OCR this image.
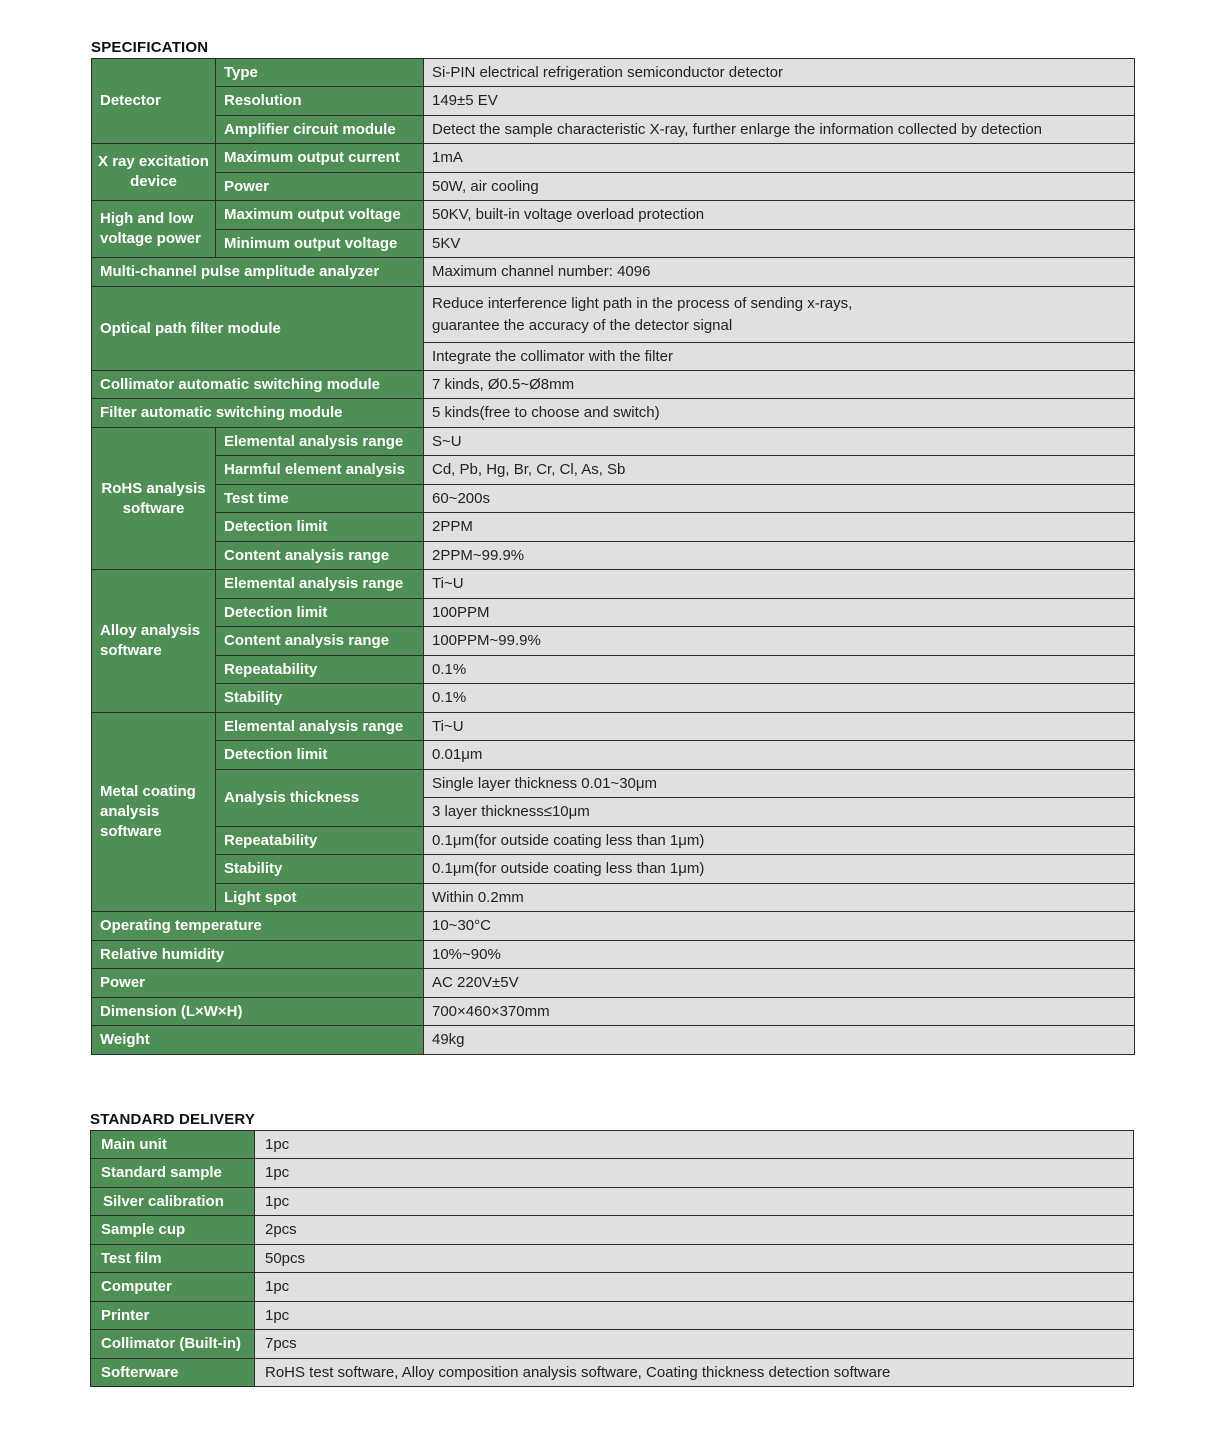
SPECIFICATION
Detector	Type	Si-PIN electrical refrigeration semiconductor detector
	Resolution	149±5 EV
	Amplifier circuit module	Detect the sample characteristic X-ray, further enlarge the information collected by detection
X ray excitation device	Maximum output current	1mA
	Power	50W, air cooling
High and low voltage power	Maximum output voltage	50KV, built-in voltage overload protection
	Minimum output voltage	5KV
Multi-channel pulse amplitude analyzer		Maximum channel number: 4096
Optical path filter module		Reduce interference light path in the process of sending x-rays,
guarantee the accuracy of the detector signal

		Integrate the collimator with the filter
Collimator automatic switching module		7 kinds, Ø0.5~Ø8mm
Filter automatic switching module		5 kinds(free to choose and switch)
RoHS analysis software	Elemental analysis range	S~U
	Harmful element analysis	Cd, Pb, Hg, Br, Cr, Cl, As, Sb
	Test time	60~200s
	Detection limit	2PPM
	Content analysis range	2PPM~99.9%
Alloy analysis software	Elemental analysis range	Ti~U
	Detection limit	100PPM
	Content analysis range	100PPM~99.9%
	Repeatability	0.1%
	Stability	0.1%
Metal coating analysis software	Elemental analysis range	Ti~U
	Detection limit	0.01μm
	Analysis thickness	Single layer thickness 0.01~30μm
		3 layer thickness≤10μm
	Repeatability	0.1μm(for outside coating less than 1μm)
	Stability	0.1μm(for outside coating less than 1μm)
	Light spot	Within 0.2mm
Operating temperature		10~30°C
Relative humidity		10%~90%
Power		AC 220V±5V
Dimension (L×W×H)		700×460×370mm
Weight		49kg
STANDARD DELIVERY
Main unit	1pc
Standard sample	1pc
Silver calibration	1pc
Sample cup	2pcs
Test film	50pcs
Computer	1pc
Printer	1pc
Collimator (Built-in)	7pcs
Softerware	RoHS test software, Alloy composition analysis software, Coating thickness detection software
